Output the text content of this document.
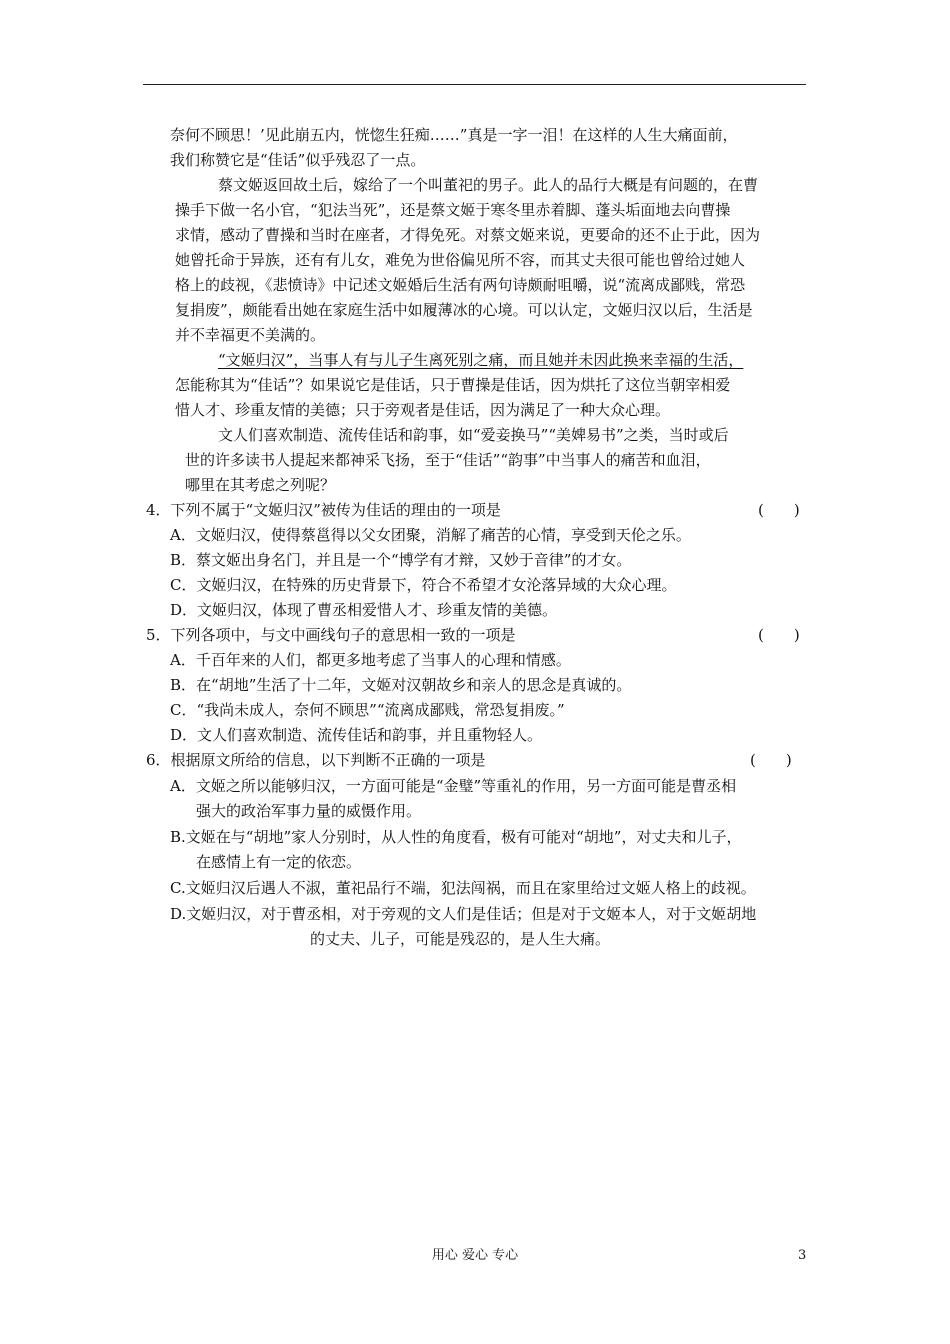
奈何不顾思！’见此崩五内，恍惚生狂痴……”真是一字一泪！在这样的人生大痛面前，
我们称赞它是“佳话”似乎残忍了一点。
蔡文姬返回故土后，嫁给了一个叫董祀的男子。此人的品行大概是有问题的，在曹
操手下做一名小官，“犯法当死”，还是蔡文姬于寒冬里赤着脚、蓬头垢面地去向曹操
求情，感动了曹操和当时在座者，才得免死。对蔡文姬来说，更要命的还不止于此，因为
她曾托命于异族，还有有儿女，难免为世俗偏见所不容，而其丈夫很可能也曾给过她人
格上的歧视，《悲愤诗》中记述文姬婚后生活有两句诗颇耐咀嚼，说“流离成鄙贱，常恐
复捐废”，颇能看出她在家庭生活中如履薄冰的心境。可以认定，文姬归汉以后，生活是
并不幸福更不美满的。
“文姬归汉”，当事人有与儿子生离死别之痛，而且她并未因此换来幸福的生活，
怎能称其为“佳话”？如果说它是佳话，只于曹操是佳话，因为烘托了这位当朝宰相爱
惜人才、珍重友情的美德；只于旁观者是佳话，因为满足了一种大众心理。
文人们喜欢制造、流传佳话和韵事，如“爱妾换马”“美婢易书”之类，当时或后
世的许多读书人提起来都神采飞扬，至于“佳话”“韵事”中当事人的痛苦和血泪，
哪里在其考虑之列呢？
4．下列不属于“文姬归汉”被传为佳话的理由的一项是	(　　)
A．文姬归汉，使得蔡邕得以父女团聚，消解了痛苦的心情，享受到天伦之乐。
B．蔡文姬出身名门，并且是一个“博学有才辩，又妙于音律”的才女。
C．文姬归汉，在特殊的历史背景下，符合不希望才女沦落异域的大众心理。
D．文姬归汉，体现了曹丞相爱惜人才、珍重友情的美德。
5．下列各项中，与文中画线句子的意思相一致的一项是	(　　)
A．千百年来的人们，都更多地考虑了当事人的心理和情感。
B．在“胡地”生活了十二年，文姬对汉朝故乡和亲人的思念是真诚的。
C．“我尚未成人，奈何不顾思”“流离成鄙贱，常恐复捐废。”
D．文人们喜欢制造、流传佳话和韵事，并且重物轻人。
6．根据原文所给的信息，以下判断不正确的一项是	(　　)
A．文姬之所以能够归汉，一方面可能是“金璧”等重礼的作用，另一方面可能是曹丞相
强大的政治军事力量的威慑作用。
B.文姬在与“胡地”家人分别时，从人性的角度看，极有可能对“胡地”，对丈夫和儿子，
在感情上有一定的依恋。
C.文姬归汉后遇人不淑，董祀品行不端，犯法闯祸，而且在家里给过文姬人格上的歧视。
D.文姬归汉，对于曹丞相，对于旁观的文人们是佳话；但是对于文姬本人，对于文姬胡地
的丈夫、儿子，可能是残忍的，是人生大痛。
用心 爱心 专心	3
